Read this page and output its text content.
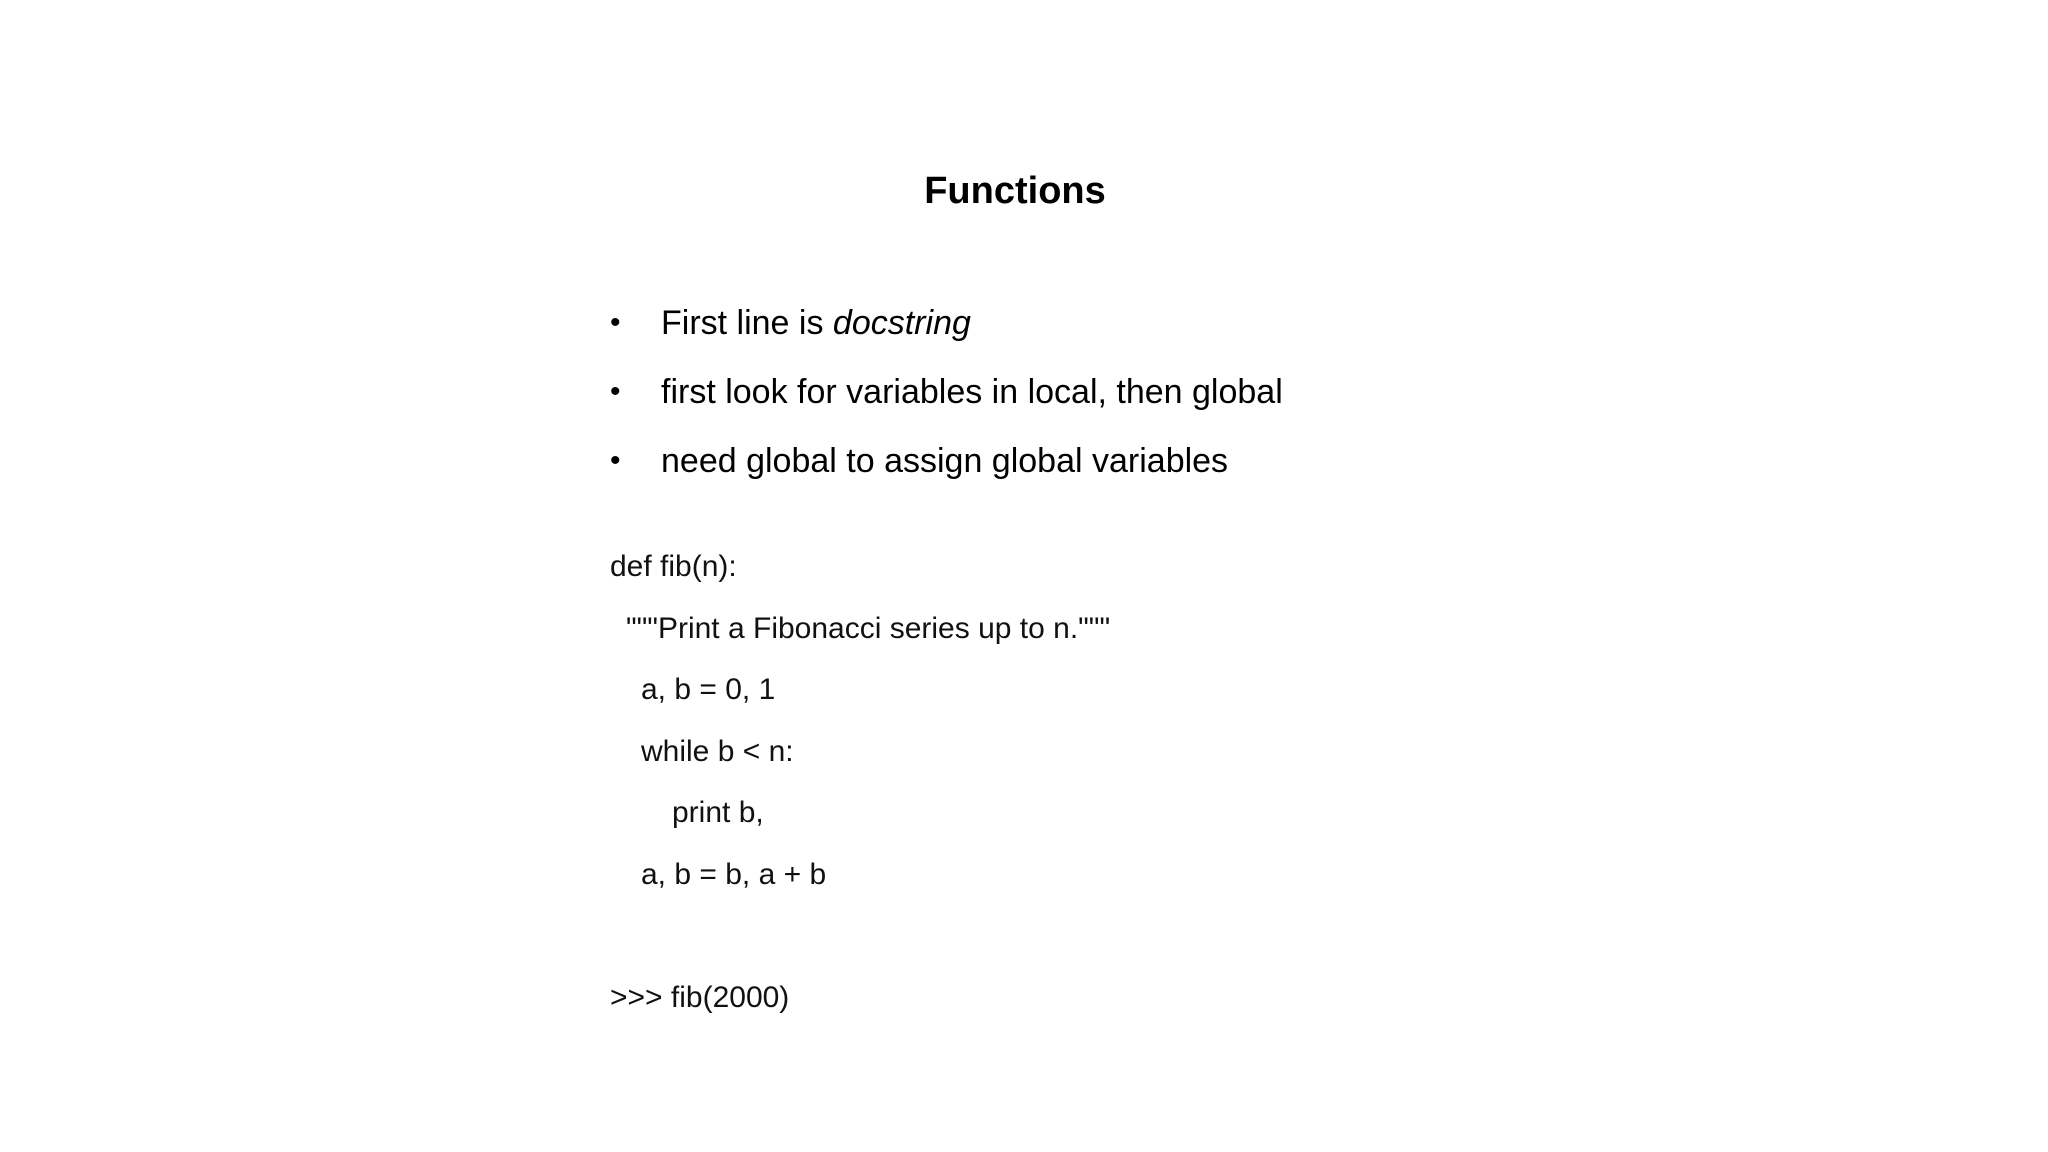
Functions
•	First line is docstring
•	first look for variables in local, then global
•	need global to assign global variables
def fib(n):
"""Print a Fibonacci series up to n."""
a, b = 0, 1
while b < n:
print b,
a, b = b, a + b
>>> fib(2000)
